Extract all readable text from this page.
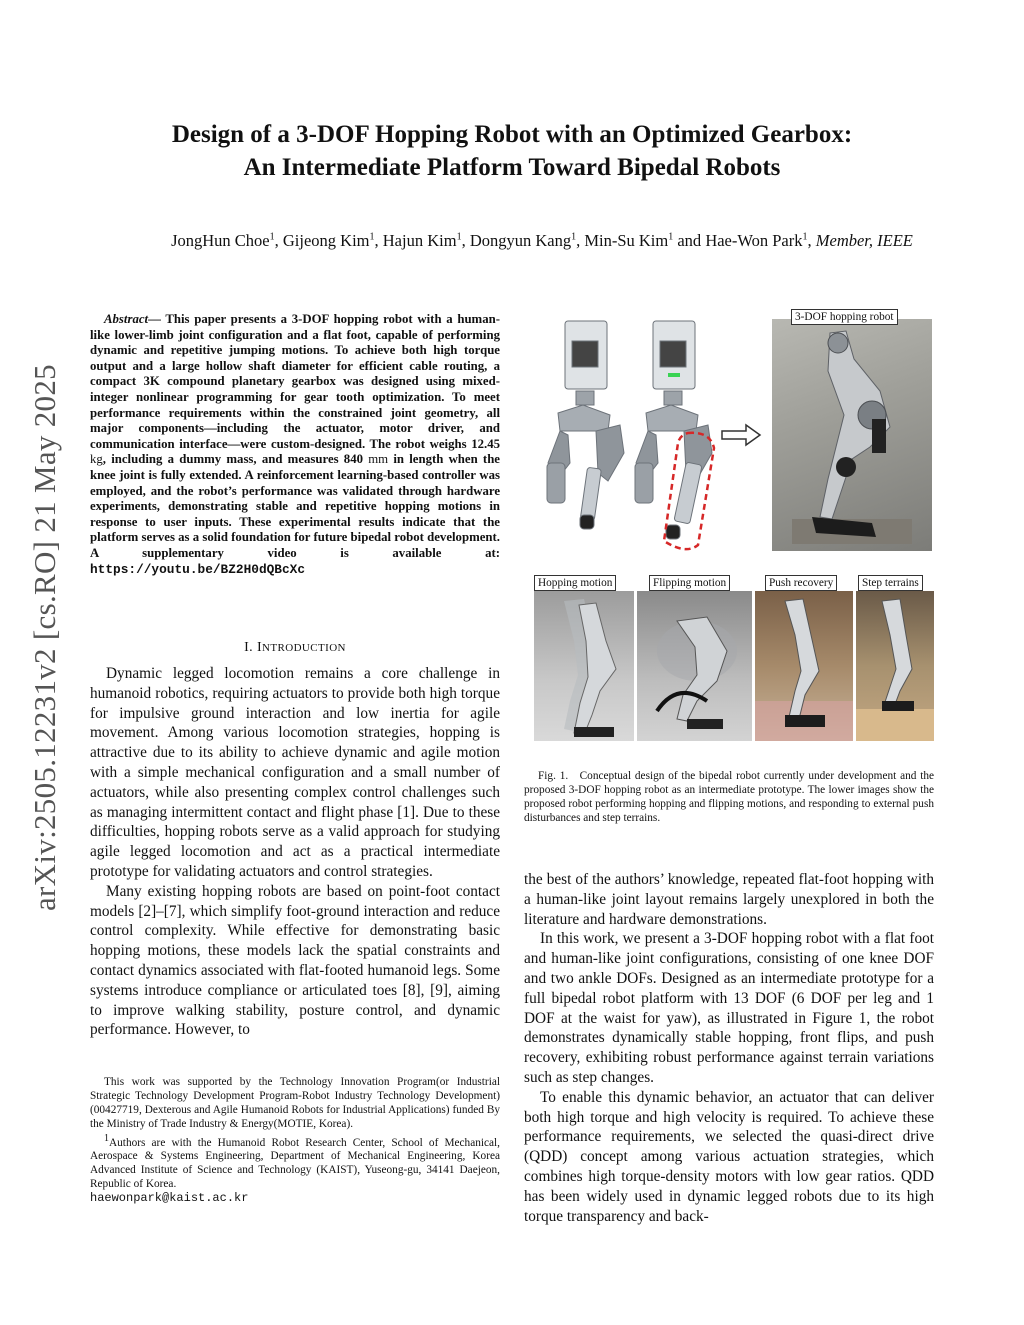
Design of a 3-DOF Hopping Robot with an Optimized Gearbox:
An Intermediate Platform Toward Bipedal Robots
JongHun Choe$^1$, Gijeong Kim$^1$, Hajun Kim$^1$, Dongyun Kang$^1$, Min-Su Kim$^1$ and Hae-Won Park$^1$, Member, IEEE
arXiv:2505.12231v2 [cs.RO] 21 May 2025
Abstract— This paper presents a 3-DOF hopping robot with a human-like lower-limb joint configuration and a flat foot, capable of performing dynamic and repetitive jumping motions. To achieve both high torque output and a large hollow shaft diameter for efficient cable routing, a compact 3K compound planetary gearbox was designed using mixed-integer nonlinear programming for gear tooth optimization. To meet performance requirements within the constrained joint geometry, all major components—including the actuator, motor driver, and communication interface—were custom-designed. The robot weighs 12.45 kg, including a dummy mass, and measures 840 mm in length when the knee joint is fully extended. A reinforcement learning-based controller was employed, and the robot’s performance was validated through hardware experiments, demonstrating stable and repetitive hopping motions in response to user inputs. These experimental results indicate that the platform serves as a solid foundation for future bipedal robot development. A supplementary video is available at: https://youtu.be/BZ2H0dQBcXc
I. INTRODUCTION

Dynamic legged locomotion remains a core challenge in humanoid robotics, requiring actuators to provide both high torque for impulsive ground interaction and low inertia for agile movement. Among various locomotion strategies, hopping is attractive due to its ability to achieve dynamic and agile motion with a simple mechanical configuration and a small number of actuators, while also presenting complex control challenges such as managing intermittent contact and flight phase [1]. Due to these difficulties, hopping robots serve as a valid approach for studying agile legged locomotion and act as a practical intermediate prototype for validating actuators and control strategies.

Many existing hopping robots are based on point-foot contact models [2]–[7], which simplify foot-ground interaction and reduce control complexity. While effective for demonstrating basic hopping motions, these models lack the spatial constraints and contact dynamics associated with flat-footed humanoid legs. Some systems introduce compliance or articulated toes [8], [9], aiming to improve walking stability, posture control, and dynamic performance. However, to

This work was supported by the Technology Innovation Program(or Industrial Strategic Technology Development Program-Robot Industry Technology Development)(00427719, Dexterous and Agile Humanoid Robots for Industrial Applications) funded By the Ministry of Trade Industry & Energy(MOTIE, Korea).

$^1$Authors are with the Humanoid Robot Research Center, School of Mechanical, Aerospace & Systems Engineering, Department of Mechanical Engineering, Korea Advanced Institute of Science and Technology (KAIST), Yuseong-gu, 34141 Daejeon, Republic of Korea.

haewonpark@kaist.ac.kr
3-DOF hopping robot
Hopping motion	Flipping motion	Push recovery	Step terrains
Fig. 1. Conceptual design of the bipedal robot currently under development and the proposed 3-DOF hopping robot as an intermediate prototype. The lower images show the proposed robot performing hopping and flipping motions, and responding to external push disturbances and step terrains.

the best of the authors’ knowledge, repeated flat-foot hopping with a human-like joint layout remains largely unexplored in both the literature and hardware demonstrations.

In this work, we present a 3-DOF hopping robot with a flat foot and human-like joint configurations, consisting of one knee DOF and two ankle DOFs. Designed as an intermediate prototype for a full bipedal robot platform with 13 DOF (6 DOF per leg and 1 DOF at the waist for yaw), as illustrated in Figure 1, the robot demonstrates dynamically stable hopping, front flips, and push recovery, exhibiting robust performance against terrain variations such as step changes.

To enable this dynamic behavior, an actuator that can deliver both high torque and high velocity is required. To achieve these performance requirements, we selected the quasi-direct drive (QDD) concept among various actuation strategies, which combines high torque-density motors with low gear ratios. QDD has been widely used in dynamic legged robots due to its high torque transparency and back-
